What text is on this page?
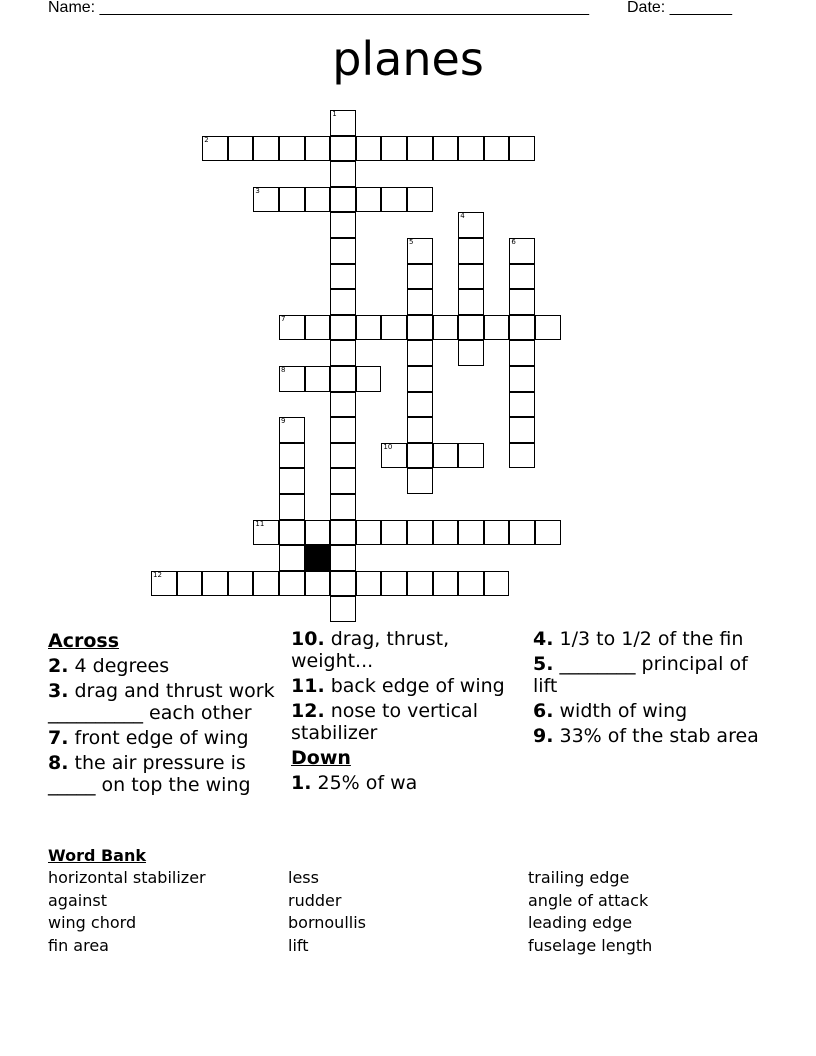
Name: _______________________________________________________ Date: _______
planes
1
2
3
4
5	6
7
8
9
10
11
12
Across
2. 4 degrees
3. drag and thrust work __________ each other
7. front edge of wing
8. the air pressure is _____ on top the wing
10. drag, thrust, weight...
11. back edge of wing
12. nose to vertical stabilizer
Down
1. 25% of wa
4. 1/3 to 1/2 of the fin
5. ________ principal of lift
6. width of wing
9. 33% of the stab area
Word Bank
horizontal stabilizer
against
wing chord
fin area
less
rudder
bornoullis
lift
trailing edge
angle of attack
leading edge
fuselage length
